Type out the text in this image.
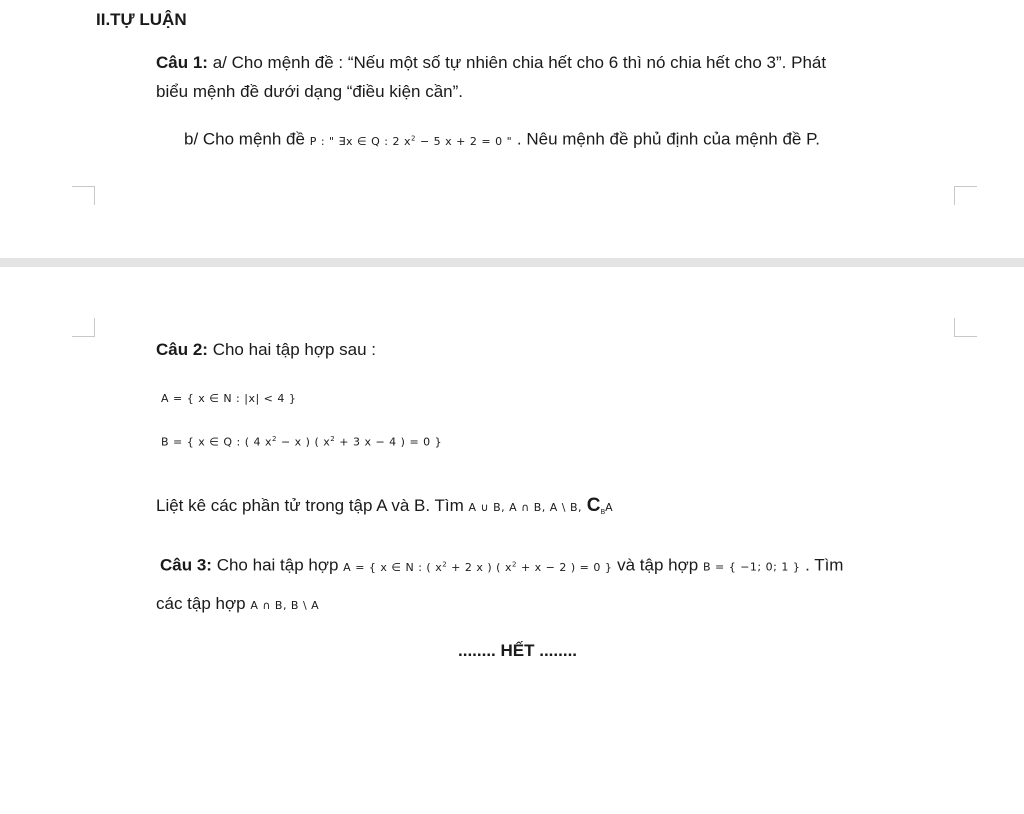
II.TỰ LUẬN
Câu 1: a/ Cho mệnh đề : “Nếu một số tự nhiên chia hết cho 6 thì nó chia hết cho 3”. Phát
biểu mệnh đề dưới dạng “điều kiện cần”.
b/ Cho mệnh đề P : " ∃x ∈ Q : 2 $x^2 - 5$ x + 2 = 0 " . Nêu mệnh đề phủ định của mệnh đề P.
Câu 2: Cho hai tập hợp sau :
A = { x ∈ N : |x| < 4 }
B = { x ∈ Q : ( 4 $x^2 - x$ ) ( $x^2 + 3$ x − 4 ) = 0 }
Liệt kê các phần tử trong tập A và B. Tìm A ∪ B, A ∩ B, A \ B, $C_BA$
Câu 3: Cho hai tập hợp A = { x ∈ N : ( $x^2 + 2$ x ) ( $x^2 + x - 2$ ) = 0 } và tập hợp B = { −1; 0; 1 } . Tìm
các tập hợp A ∩ B, B \ A
........ HẾT ........
